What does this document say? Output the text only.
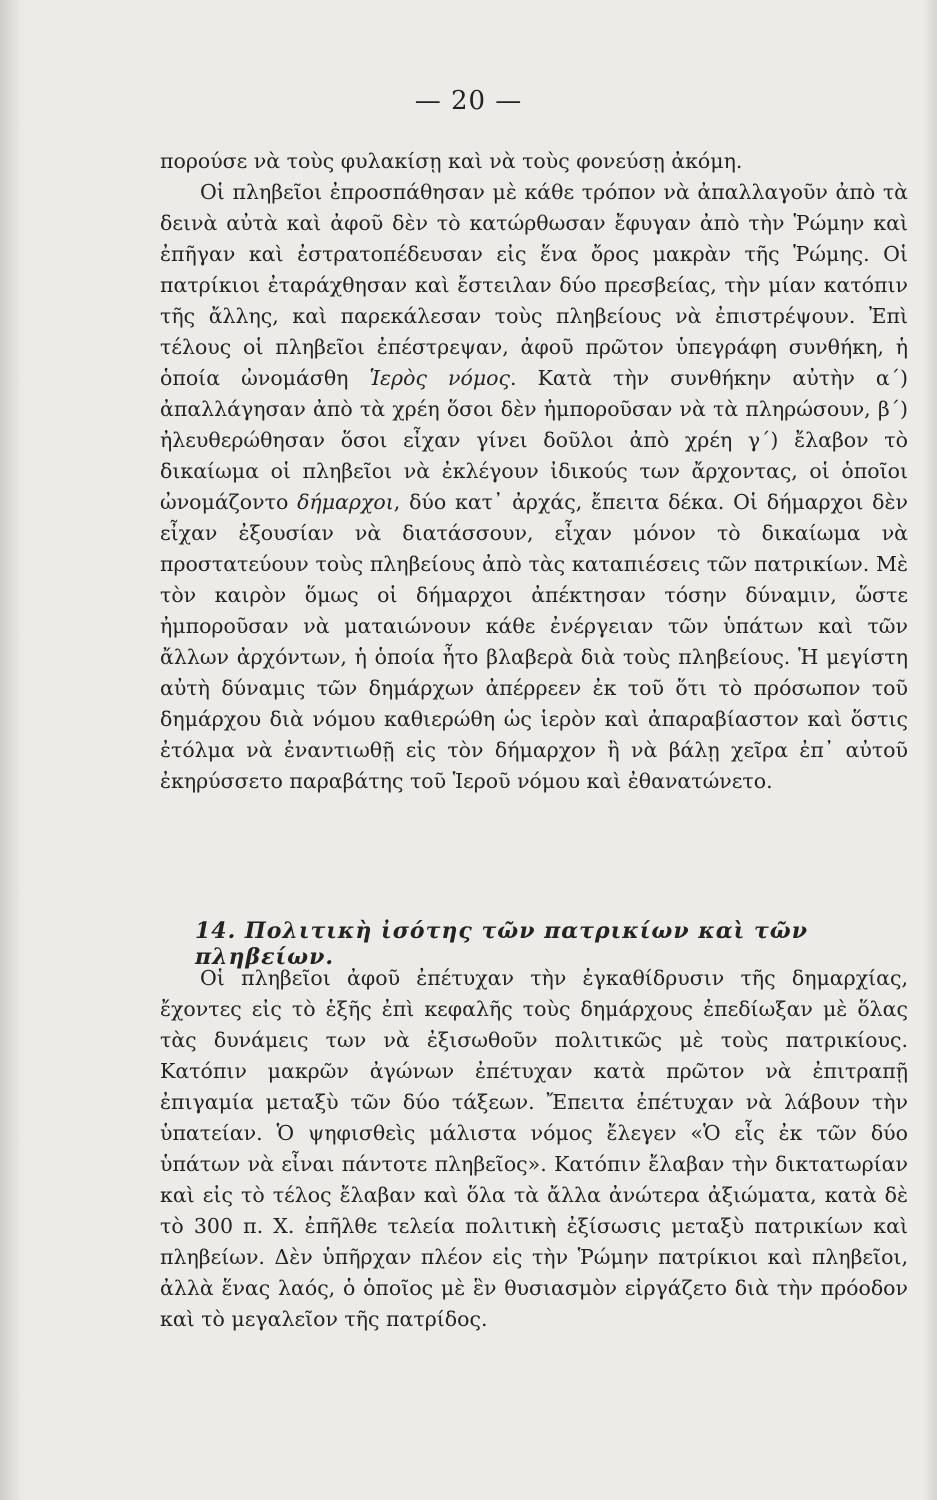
— 20 —

πορούσε νὰ τοὺς φυλακίσῃ καὶ νὰ τοὺς φονεύσῃ ἀκόμη.

Οἱ πληβεῖοι ἐπροσπάθησαν μὲ κάθε τρόπον νὰ ἀπαλλαγοῦν ἀπὸ τὰ δεινὰ αὐτὰ καὶ ἀφοῦ δὲν τὸ κατώρθωσαν ἔφυγαν ἀπὸ τὴν Ῥώμην καὶ ἐπῆγαν καὶ ἐστρατοπέδευσαν εἰς ἕνα ὄρος μακρὰν τῆς Ῥώμης. Οἱ πατρίκιοι ἐταράχθησαν καὶ ἔστειλαν δύο πρεσβείας, τὴν μίαν κατόπιν τῆς ἄλλης, καὶ παρεκάλεσαν τοὺς πληβείους νὰ ἐπιστρέψουν. Ἐπὶ τέλους οἱ πληβεῖοι ἐπέστρεψαν, ἀφοῦ πρῶτον ὑπεγράφη συνθήκη, ἡ ὁποία ὠνομάσθη Ἱερὸς νόμος. Κατὰ τὴν συνθήκην αὐτὴν α΄) ἀπαλλάγησαν ἀπὸ τὰ χρέη ὅσοι δὲν ἠμποροῦσαν νὰ τὰ πληρώσουν, β΄) ἠλευθερώθησαν ὅσοι εἶχαν γίνει δοῦλοι ἀπὸ χρέη γ΄) ἔλαβον τὸ δικαίωμα οἱ πληβεῖοι νὰ ἐκλέγουν ἰδικούς των ἄρχοντας, οἱ ὁποῖοι ὠνομάζοντο δήμαρχοι, δύο κατ᾽ ἀρχάς, ἔπειτα δέκα. Οἱ δήμαρχοι δὲν εἶχαν ἐξουσίαν νὰ διατάσσουν, εἶχαν μόνον τὸ δικαίωμα νὰ προστατεύουν τοὺς πληβείους ἀπὸ τὰς καταπιέσεις τῶν πατρικίων. Μὲ τὸν καιρὸν ὅμως οἱ δήμαρχοι ἀπέκτησαν τόσην δύναμιν, ὥστε ἠμποροῦσαν νὰ ματαιώνουν κάθε ἐνέργειαν τῶν ὑπάτων καὶ τῶν ἄλλων ἀρχόντων, ἡ ὁποία ἦτο βλαβερὰ διὰ τοὺς πληβείους. Ἡ μεγίστη αὐτὴ δύναμις τῶν δημάρχων ἀπέρρεεν ἐκ τοῦ ὅτι τὸ πρόσωπον τοῦ δημάρχου διὰ νόμου καθιερώθη ὡς ἱερὸν καὶ ἀπαραβίαστον καὶ ὅστις ἐτόλμα νὰ ἐναντιωθῇ εἰς τὸν δήμαρχον ἢ νὰ βάλῃ χεῖρα ἐπ᾽ αὐτοῦ ἐκηρύσσετο παραβάτης τοῦ Ἱεροῦ νόμου καὶ ἐθανατώνετο.

14. Πολιτικὴ ἰσότης τῶν πατρικίων καὶ τῶν πληβείων.

Οἱ πληβεῖοι ἀφοῦ ἐπέτυχαν τὴν ἐγκαθίδρυσιν τῆς δημαρχίας, ἔχοντες εἰς τὸ ἑξῆς ἐπὶ κεφαλῆς τοὺς δημάρχους ἐπεδίωξαν μὲ ὅλας τὰς δυνάμεις των νὰ ἐξισωθοῦν πολιτικῶς μὲ τοὺς πατρικίους. Κατόπιν μακρῶν ἀγώνων ἐπέτυχαν κατὰ πρῶτον νὰ ἐπιτραπῇ ἐπιγαμία μεταξὺ τῶν δύο τάξεων. Ἔπειτα ἐπέτυχαν νὰ λάβουν τὴν ὑπατείαν. Ὁ ψηφισθεὶς μάλιστα νόμος ἔλεγεν «Ὁ εἷς ἐκ τῶν δύο ὑπάτων νὰ εἶναι πάντοτε πληβεῖος». Κατόπιν ἔλαβαν τὴν δικτατωρίαν καὶ εἰς τὸ τέλος ἔλαβαν καὶ ὅλα τὰ ἄλλα ἀνώτερα ἀξιώματα, κατὰ δὲ τὸ 300 π. Χ. ἐπῆλθε τελεία πολιτικὴ ἐξίσωσις μεταξὺ πατρικίων καὶ πληβείων. Δὲν ὑπῆρχαν πλέον εἰς τὴν Ῥώμην πατρίκιοι καὶ πληβεῖοι, ἀλλὰ ἕνας λαός, ὁ ὁποῖος μὲ ἓν θυσιασμὸν εἰργάζετο διὰ τὴν πρόοδον καὶ τὸ μεγαλεῖον τῆς πατρίδος.
